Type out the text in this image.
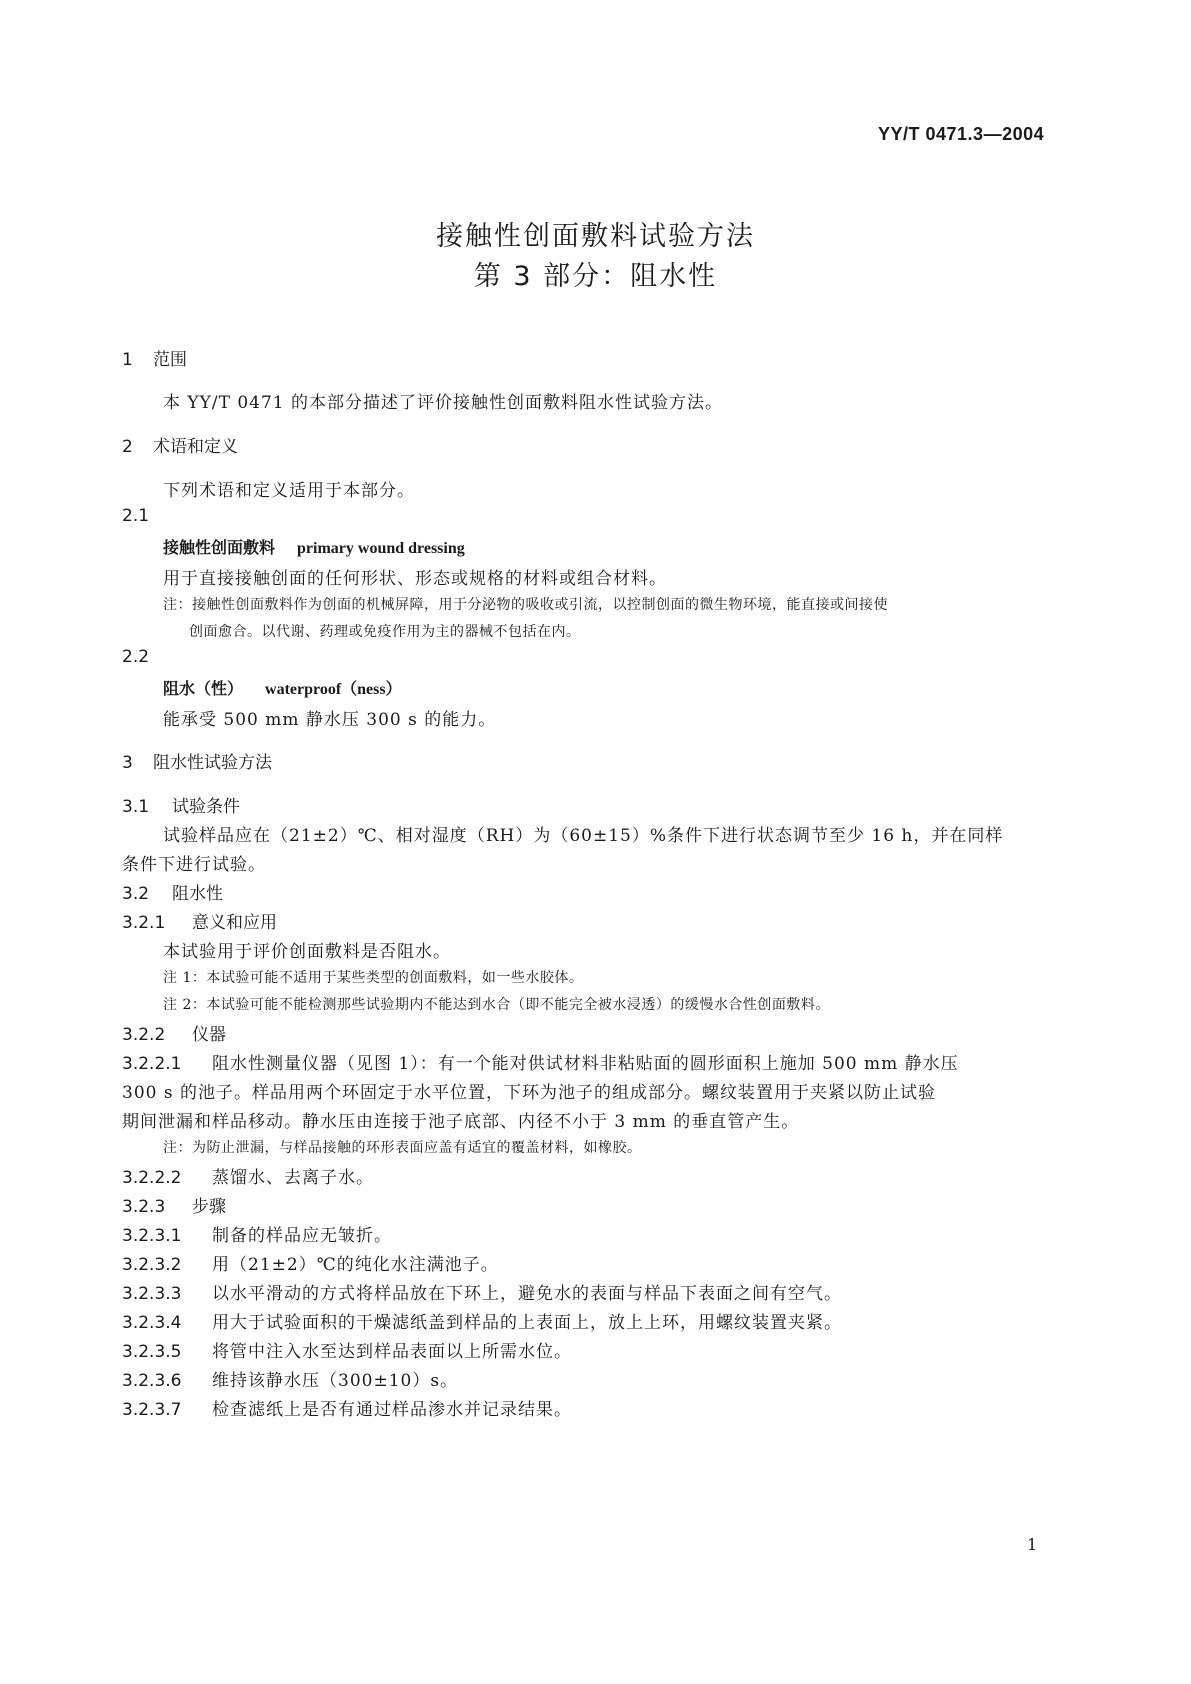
YY/T 0471.3—2004
接触性创面敷料试验方法
第 3 部分：阻水性
1 范围
本 YY/T 0471 的本部分描述了评价接触性创面敷料阻水性试验方法。
2 术语和定义
下列术语和定义适用于本部分。
2.1
接触性创面敷料 primary wound dressing
用于直接接触创面的任何形状、形态或规格的材料或组合材料。
注：接触性创面敷料作为创面的机械屏障，用于分泌物的吸收或引流，以控制创面的微生物环境，能直接或间接使
创面愈合。以代谢、药理或免疫作用为主的器械不包括在内。
2.2
阻水（性） waterproof（ness）
能承受 500 mm 静水压 300 s 的能力。
3 阻水性试验方法
3.1 试验条件
试验样品应在（21±2）℃、相对湿度（RH）为（60±15）%条件下进行状态调节至少 16 h，并在同样
条件下进行试验。
3.2 阻水性
3.2.1 意义和应用
本试验用于评价创面敷料是否阻水。
注 1：本试验可能不适用于某些类型的创面敷料，如一些水胶体。
注 2：本试验可能不能检测那些试验期内不能达到水合（即不能完全被水浸透）的缓慢水合性创面敷料。
3.2.2 仪器
3.2.2.1 阻水性测量仪器（见图 1）：有一个能对供试材料非粘贴面的圆形面积上施加 500 mm 静水压
300 s 的池子。样品用两个环固定于水平位置，下环为池子的组成部分。螺纹装置用于夹紧以防止试验
期间泄漏和样品移动。静水压由连接于池子底部、内径不小于 3 mm 的垂直管产生。
注：为防止泄漏，与样品接触的环形表面应盖有适宜的覆盖材料，如橡胶。
3.2.2.2 蒸馏水、去离子水。
3.2.3 步骤
3.2.3.1 制备的样品应无皱折。
3.2.3.2 用（21±2）℃的纯化水注满池子。
3.2.3.3 以水平滑动的方式将样品放在下环上，避免水的表面与样品下表面之间有空气。
3.2.3.4 用大于试验面积的干燥滤纸盖到样品的上表面上，放上上环，用螺纹装置夹紧。
3.2.3.5 将管中注入水至达到样品表面以上所需水位。
3.2.3.6 维持该静水压（300±10）s。
3.2.3.7 检查滤纸上是否有通过样品渗水并记录结果。
1
